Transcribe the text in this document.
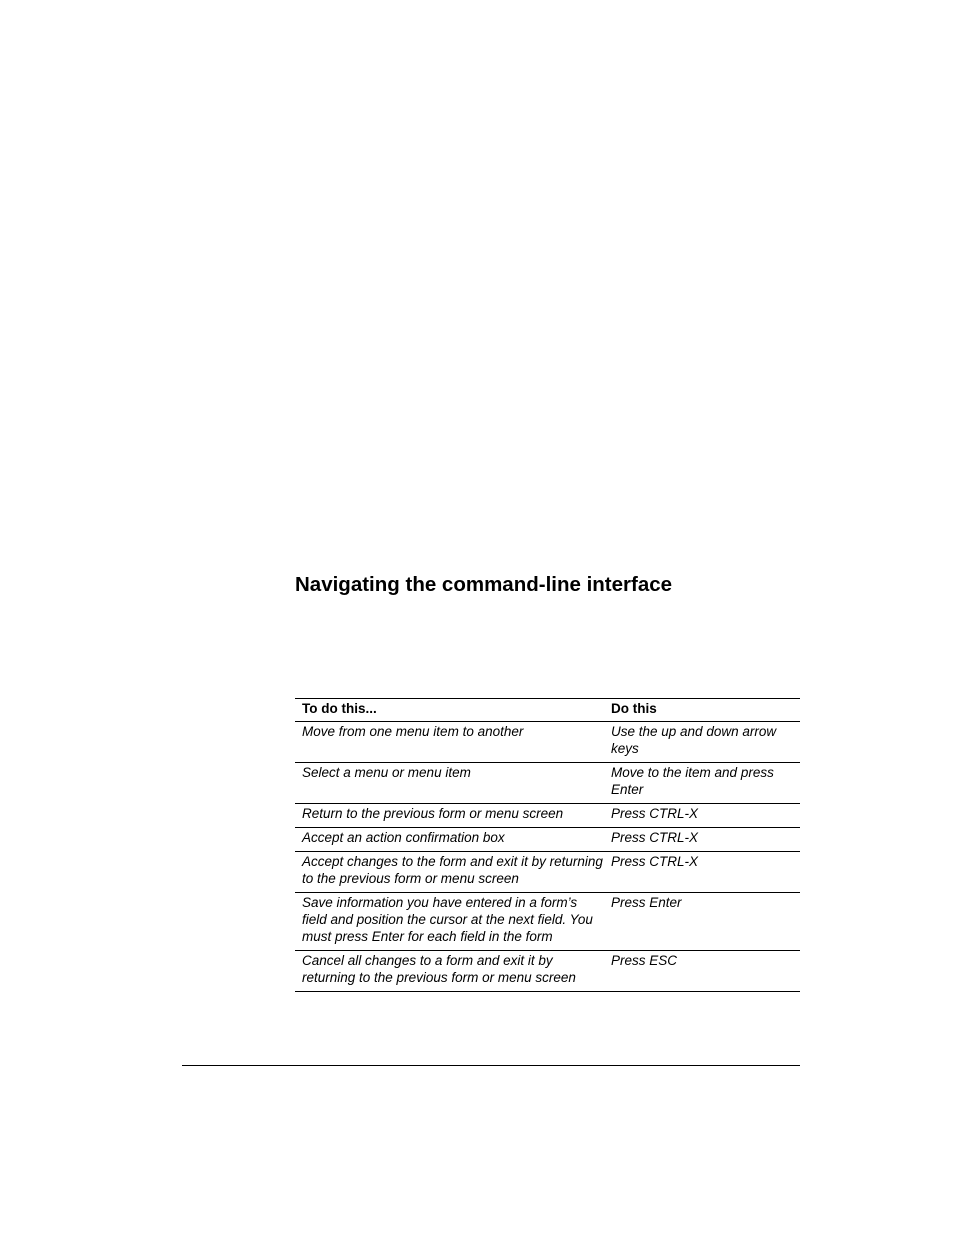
Navigating the command-line interface
To do this...	Do this
Move from one menu item to another	Use the up and down arrow keys
Select a menu or menu item	Move to the item and press Enter
Return to the previous form or menu screen	Press CTRL-X
Accept an action confirmation box	Press CTRL-X
Accept changes to the form and exit it by returning to the previous form or menu screen	Press CTRL-X
Save information you have entered in a form’s field and position the cursor at the next field. You must press Enter for each field in the form	Press Enter
Cancel all changes to a form and exit it by returning to the previous form or menu screen	Press ESC
